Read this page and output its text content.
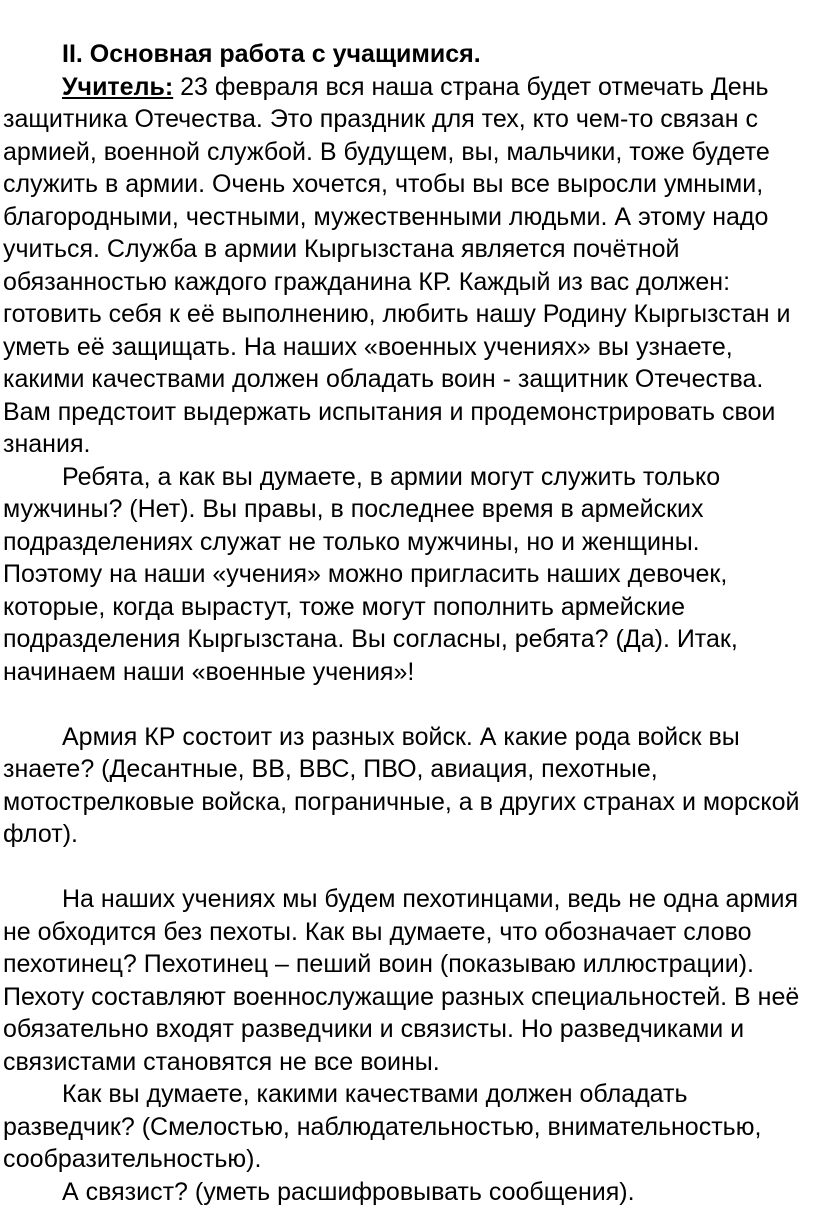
II. Основная работа с учащимися.

Учитель: 23 февраля вся наша страна будет отмечать День защитника Отечества. Это праздник для тех, кто чем-то связан с армией, военной службой. В будущем, вы, мальчики, тоже будете служить в армии. Очень хочется, чтобы вы все выросли умными, благородными, честными, мужественными людьми. А этому надо учиться. Служба в армии Кыргызстана является почётной обязанностью каждого гражданина КР. Каждый из вас должен: готовить себя к её выполнению, любить нашу Родину Кыргызстан и уметь её защищать. На наших «военных учениях» вы узнаете, какими качествами должен обладать воин - защитник Отечества. Вам предстоит выдержать испытания и продемонстрировать свои знания.

Ребята, а как вы думаете, в армии могут служить только мужчины? (Нет). Вы правы, в последнее время в армейских подразделениях служат не только мужчины, но и женщины. Поэтому на наши «учения» можно пригласить наших девочек, которые, когда вырастут, тоже могут пополнить армейские подразделения Кыргызстана. Вы согласны, ребята? (Да). Итак, начинаем наши «военные учения»!

Армия КР состоит из разных войск. А какие рода войск вы знаете? (Десантные, ВВ, ВВС, ПВО, авиация, пехотные, мотострелковые войска, пограничные, а в других странах и морской флот).

На наших учениях мы будем пехотинцами, ведь не одна армия не обходится без пехоты. Как вы думаете, что обозначает слово пехотинец? Пехотинец – пеший воин (показываю иллюстрации). Пехоту составляют военнослужащие разных специальностей. В неё обязательно входят разведчики и связисты. Но разведчиками и связистами становятся не все воины.

Как вы думаете, какими качествами должен обладать разведчик? (Смелостью, наблюдательностью, внимательностью, сообразительностью).

А связист? (уметь расшифровывать сообщения).
